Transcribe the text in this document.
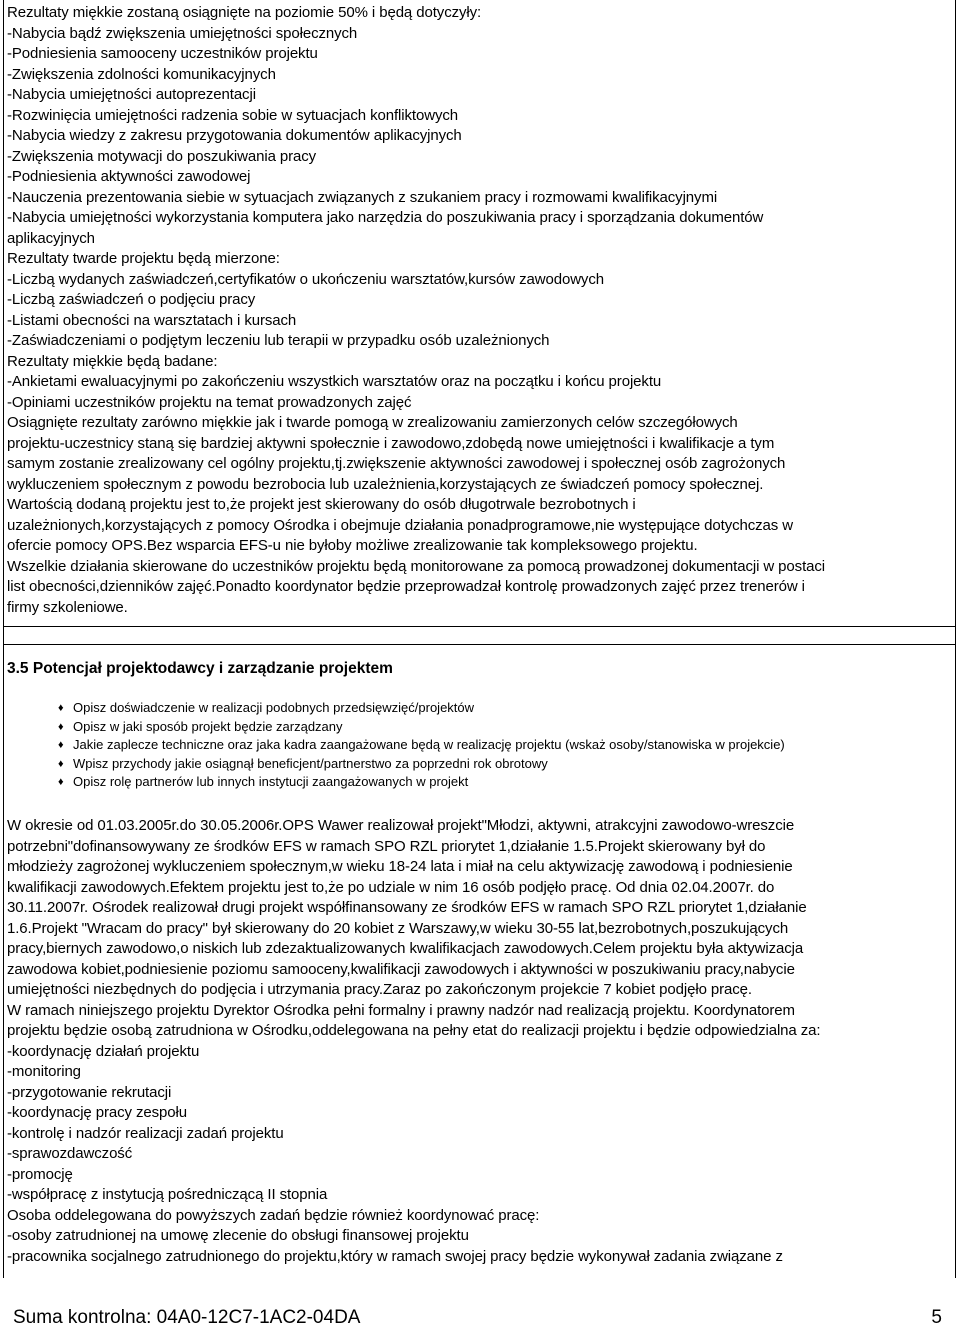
Rezultaty miękkie zostaną osiągnięte na poziomie 50% i będą dotyczyły:
-Nabycia bądź zwiększenia umiejętności społecznych
-Podniesienia samooceny uczestników projektu
-Zwiększenia zdolności komunikacyjnych
-Nabycia umiejętności autoprezentacji
-Rozwinięcia umiejętności radzenia sobie w sytuacjach konfliktowych
-Nabycia wiedzy z zakresu przygotowania dokumentów aplikacyjnych
-Zwiększenia motywacji do poszukiwania pracy
-Podniesienia aktywności zawodowej
-Nauczenia prezentowania siebie w sytuacjach związanych z szukaniem pracy i rozmowami kwalifikacyjnymi
-Nabycia umiejętności wykorzystania komputera jako narzędzia do poszukiwania pracy i sporządzania dokumentów
aplikacyjnych
Rezultaty twarde projektu będą mierzone:
-Liczbą wydanych zaświadczeń,certyfikatów o ukończeniu warsztatów,kursów zawodowych
-Liczbą zaświadczeń o podjęciu pracy
-Listami obecności na warsztatach i kursach
-Zaświadczeniami o podjętym leczeniu lub terapii w przypadku osób uzależnionych
Rezultaty miękkie będą badane:
-Ankietami ewaluacyjnymi po zakończeniu wszystkich warsztatów oraz na początku i końcu projektu
-Opiniami uczestników projektu na temat prowadzonych zajęć
Osiągnięte rezultaty zarówno miękkie jak i twarde pomogą w zrealizowaniu zamierzonych celów szczegółowych
projektu-uczestnicy staną się bardziej aktywni społecznie i zawodowo,zdobędą nowe umiejętności i kwalifikacje a tym
samym zostanie zrealizowany cel ogólny projektu,tj.zwiększenie aktywności zawodowej i społecznej osób zagrożonych
wykluczeniem społecznym z powodu bezrobocia lub uzależnienia,korzystających ze świadczeń pomocy społecznej.
Wartością dodaną projektu jest to,że projekt jest skierowany do osób długotrwale bezrobotnych i
uzależnionych,korzystających z pomocy Ośrodka i obejmuje działania ponadprogramowe,nie występujące dotychczas w
ofercie pomocy OPS.Bez wsparcia EFS-u nie byłoby możliwe zrealizowanie tak kompleksowego projektu.
Wszelkie działania skierowane do uczestników projektu będą monitorowane za pomocą prowadzonej dokumentacji w postaci
list obecności,dzienników zajęć.Ponadto koordynator będzie przeprowadzał kontrolę prowadzonych zajęć przez trenerów i
firmy szkoleniowe.
3.5 Potencjał projektodawcy i zarządzanie projektem
♦ Opisz doświadczenie w realizacji podobnych przedsięwzięć/projektów
♦ Opisz w jaki sposób projekt będzie zarządzany
♦ Jakie zaplecze techniczne oraz jaka kadra zaangażowane będą w realizację projektu (wskaż osoby/stanowiska w projekcie)
♦ Wpisz przychody jakie osiągnął beneficjent/partnerstwo za poprzedni rok obrotowy
♦ Opisz rolę partnerów lub innych instytucji zaangażowanych w projekt
W okresie od 01.03.2005r.do 30.05.2006r.OPS Wawer realizował projekt"Młodzi, aktywni, atrakcyjni zawodowo-wreszcie
potrzebni"dofinansowywany ze środków EFS w ramach SPO RZL priorytet 1,działanie 1.5.Projekt skierowany był do
młodzieży zagrożonej wykluczeniem społecznym,w wieku 18-24 lata i miał na celu aktywizację zawodową i podniesienie
kwalifikacji zawodowych.Efektem projektu jest to,że po udziale w nim 16 osób podjęło pracę. Od dnia 02.04.2007r. do
30.11.2007r. Ośrodek realizował drugi projekt współfinansowany ze środków EFS w ramach SPO RZL priorytet 1,działanie
1.6.Projekt "Wracam do pracy" był skierowany do 20 kobiet z Warszawy,w wieku 30-55 lat,bezrobotnych,poszukujących
pracy,biernych zawodowo,o niskich lub zdezaktualizowanych kwalifikacjach zawodowych.Celem projektu była aktywizacja
zawodowa kobiet,podniesienie poziomu samooceny,kwalifikacji zawodowych i aktywności w poszukiwaniu pracy,nabycie
umiejętności niezbędnych do podjęcia i utrzymania pracy.Zaraz po zakończonym projekcie 7 kobiet podjęło pracę.
W ramach niniejszego projektu Dyrektor Ośrodka pełni formalny i prawny nadzór nad realizacją projektu. Koordynatorem
projektu będzie osobą zatrudniona w Ośrodku,oddelegowana na pełny etat do realizacji projektu i będzie odpowiedzialna za:
-koordynację działań projektu
-monitoring
-przygotowanie rekrutacji
-koordynację pracy zespołu
-kontrolę i nadzór realizacji zadań projektu
-sprawozdawczość
-promocję
-współpracę z instytucją pośredniczącą II stopnia
Osoba oddelegowana do powyższych zadań będzie również koordynować pracę:
-osoby zatrudnionej na umowę zlecenie do obsługi finansowej projektu
-pracownika socjalnego zatrudnionego do projektu,który w ramach swojej pracy będzie wykonywał zadania związane z
Suma kontrolna: 04A0-12C7-1AC2-04DA	5
